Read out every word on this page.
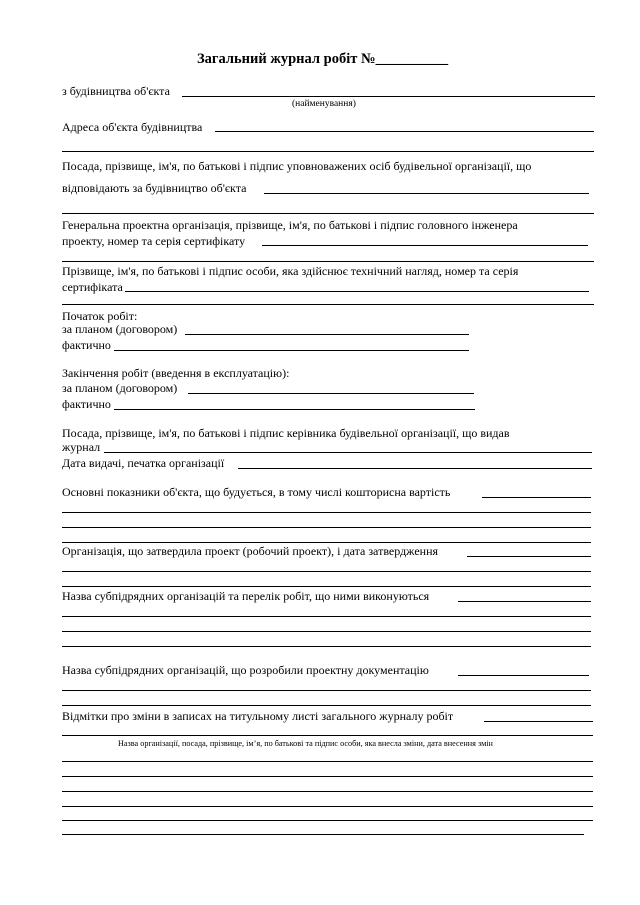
Загальний журнал робіт №__________
з будівництва об'єкта
(найменування)
Адреса об'єкта будівництва
Посада, прізвище, ім'я, по батькові і підпис уповноважених осіб будівельної організації, що
відповідають за будівництво об'єкта
Генеральна проектна організація, прізвище, ім'я, по батькові і підпис головного інженера
проекту, номер та серія сертифікату
Прізвище, ім'я, по батькові і підпис особи, яка здійснює технічний нагляд, номер та серія
сертифіката
Початок робіт:
за планом (договором)
фактично
Закінчення робіт (введення в експлуатацію):
за планом (договором)
фактично
Посада, прізвище, ім'я, по батькові і підпис керівника будівельної організації, що видав
журнал
Дата видачі, печатка організації
Основні показники об'єкта, що будується, в тому числі кошторисна вартість
Організація, що затвердила проект (робочий проект), і дата затвердження
Назва субпідрядних організацій та перелік робіт, що ними виконуються
Назва субпідрядних організацій, що розробили проектну документацію
Відмітки про зміни в записах на титульному листі загального журналу робіт
Назва організації, посада, прізвище, ім’я, по батькові та підпис особи, яка внесла зміни, дата внесення змін
